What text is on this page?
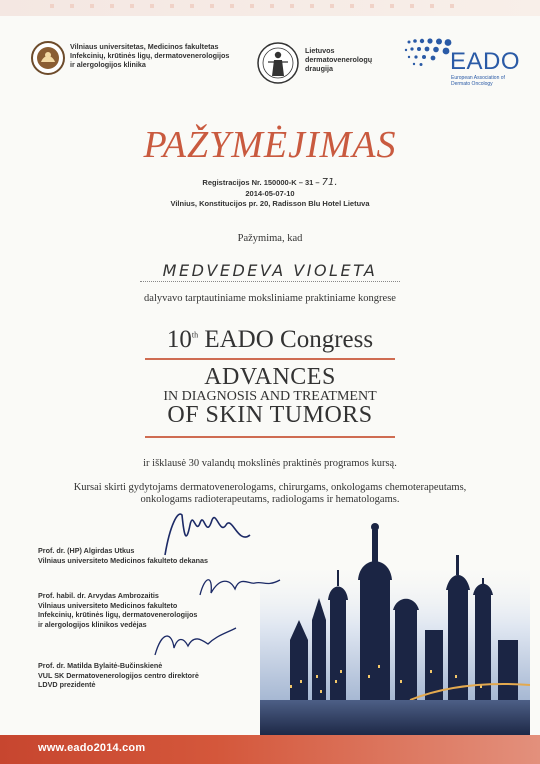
Vilniaus universitetas, Medicinos fakultetas
Infekcinių, krūtinės ligų, dermatovenerologijos
ir alergologijos klinika
Lietuvos
dermatovenerologų
draugija	EADO
European Association of
Dermato Oncology
PAŽYMĖJIMAS
Registracijos Nr. 150000-K – 31 – 71.
2014-05-07-10
Vilnius, Konstitucijos pr. 20, Radisson Blu Hotel Lietuva
Pažymima, kad
MEDVEDEVA VIOLETA
dalyvavo tarptautiniame moksliniame praktiniame kongrese
10th EADO Congress
ADVANCES
IN DIAGNOSIS AND TREATMENT
OF SKIN TUMORS
ir išklausė 30 valandų mokslinės praktinės programos kursą.
Kursai skirti gydytojams dermatovenerologams, chirurgams, onkologams chemoterapeutams,
onkologams radioterapeutams, radiologams ir hematologams.
Prof. dr. (HP) Algirdas Utkus
Vilniaus universiteto Medicinos fakulteto dekanas
Prof. habil. dr. Arvydas Ambrozaitis
Vilniaus universiteto Medicinos fakulteto
Infekcinių, krūtinės ligų, dermatovenerologijos
ir alergologijos klinikos vedėjas
Prof. dr. Matilda Bylaitė-Bučinskienė
VUL SK Dermatovenerologijos centro direktorė
LDVD prezidentė
www.eado2014.com
